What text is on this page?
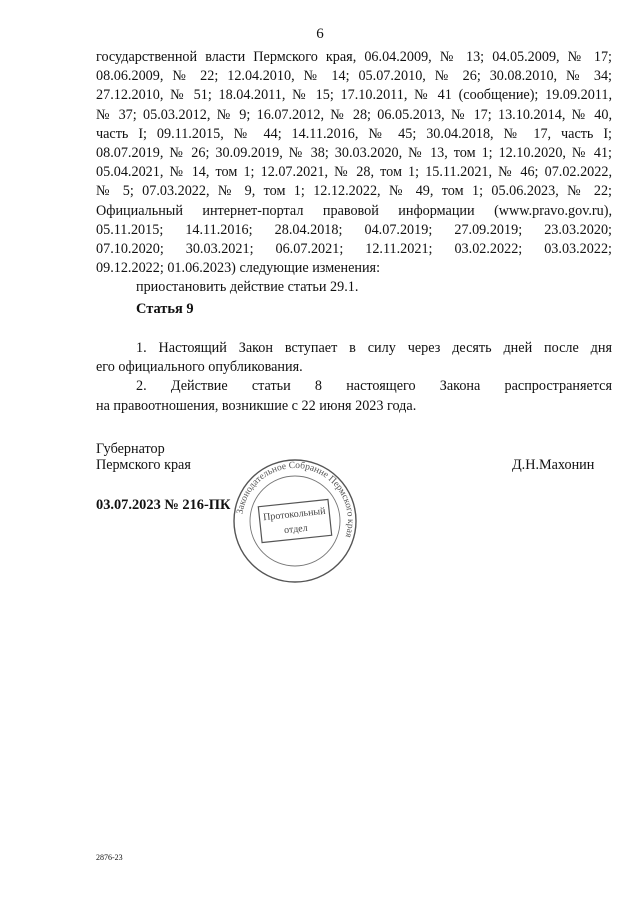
6
государственной власти Пермского края, 06.04.2009, № 13; 04.05.2009, № 17;
08.06.2009, № 22; 12.04.2010, № 14; 05.07.2010, № 26; 30.08.2010, № 34;
27.12.2010, № 51; 18.04.2011, № 15; 17.10.2011, № 41 (сообщение); 19.09.2011,
№ 37; 05.03.2012, № 9; 16.07.2012, № 28; 06.05.2013, № 17; 13.10.2014, № 40,
часть I; 09.11.2015, № 44; 14.11.2016, № 45; 30.04.2018, № 17, часть I;
08.07.2019, № 26; 30.09.2019, № 38; 30.03.2020, № 13, том 1; 12.10.2020, № 41;
05.04.2021, № 14, том 1; 12.07.2021, № 28, том 1; 15.11.2021, № 46; 07.02.2022,
№ 5; 07.03.2022, № 9, том 1; 12.12.2022, № 49, том 1; 05.06.2023, № 22;
Официальный интернет-портал правовой информации (www.pravo.gov.ru),
05.11.2015; 14.11.2016; 28.04.2018; 04.07.2019; 27.09.2019; 23.03.2020;
07.10.2020; 30.03.2021; 06.07.2021; 12.11.2021; 03.02.2022; 03.03.2022;
09.12.2022; 01.06.2023) следующие изменения:
приостановить действие статьи 29.1.
Статья 9
1. Настоящий Закон вступает в силу через десять дней после дня
его официального опубликования.
2. Действие статьи 8 настоящего Закона распространяется
на правоотношения, возникшие с 22 июня 2023 года.
Губернатор
Пермского края	Д.Н.Махонин
Законодательное Собрание Пермского края
Протокольный
отдел
03.07.2023 № 216-ПК
2876-23
